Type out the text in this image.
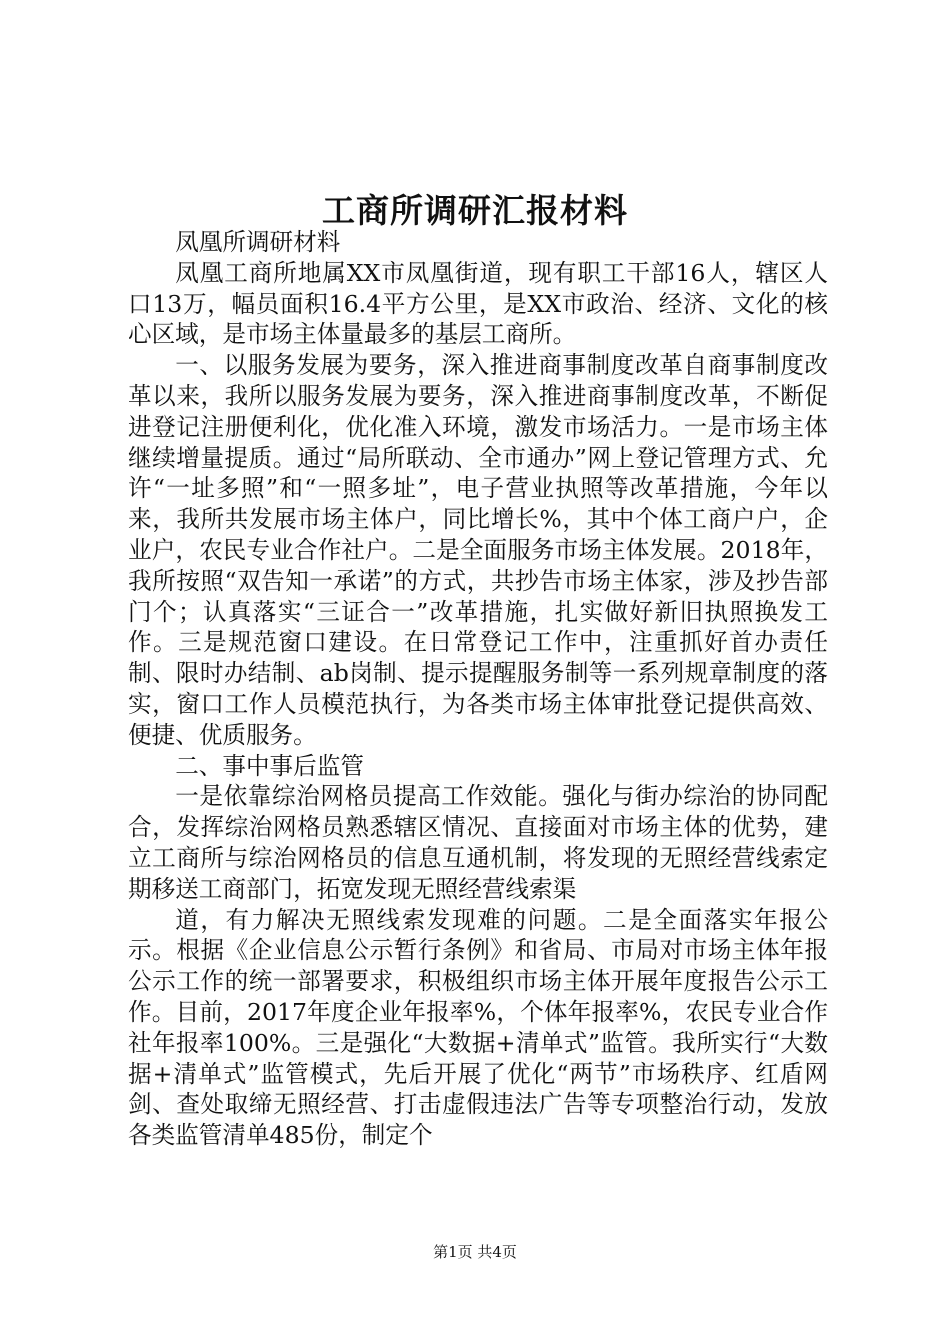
工商所调研汇报材料

凤凰所调研材料

凤凰工商所地属XX市凤凰街道，现有职工干部16人，辖区人口13万，幅员面积16.4平方公里，是XX市政治、经济、文化的核心区域，是市场主体量最多的基层工商所。

一、以服务发展为要务，深入推进商事制度改革自商事制度改革以来，我所以服务发展为要务，深入推进商事制度改革，不断促进登记注册便利化，优化准入环境，激发市场活力。一是市场主体继续增量提质。通过“局所联动、全市通办”网上登记管理方式、允许“一址多照”和“一照多址”，电子营业执照等改革措施，今年以来，我所共发展市场主体户，同比增长%，其中个体工商户户，企业户，农民专业合作社户。二是全面服务市场主体发展。2018年，我所按照“双告知一承诺”的方式，共抄告市场主体家，涉及抄告部门个；认真落实“三证合一”改革措施，扎实做好新旧执照换发工作。三是规范窗口建设。在日常登记工作中，注重抓好首办责任制、限时办结制、ab岗制、提示提醒服务制等一系列规章制度的落实，窗口工作人员模范执行，为各类市场主体审批登记提供高效、便捷、优质服务。

二、事中事后监管

一是依靠综治网格员提高工作效能。强化与街办综治的协同配合，发挥综治网格员熟悉辖区情况、直接面对市场主体的优势，建立工商所与综治网格员的信息互通机制，将发现的无照经营线索定期移送工商部门，拓宽发现无照经营线索渠

道，有力解决无照线索发现难的问题。二是全面落实年报公示。根据《企业信息公示暂行条例》和省局、市局对市场主体年报公示工作的统一部署要求，积极组织市场主体开展年度报告公示工作。目前，2017年度企业年报率%，个体年报率%，农民专业合作社年报率100%。三是强化“大数据+清单式”监管。我所实行“大数据+清单式”监管模式，先后开展了优化“两节”市场秩序、红盾网剑、查处取缔无照经营、打击虚假违法广告等专项整治行动，发放各类监管清单485份，制定个

第1页 共4页
